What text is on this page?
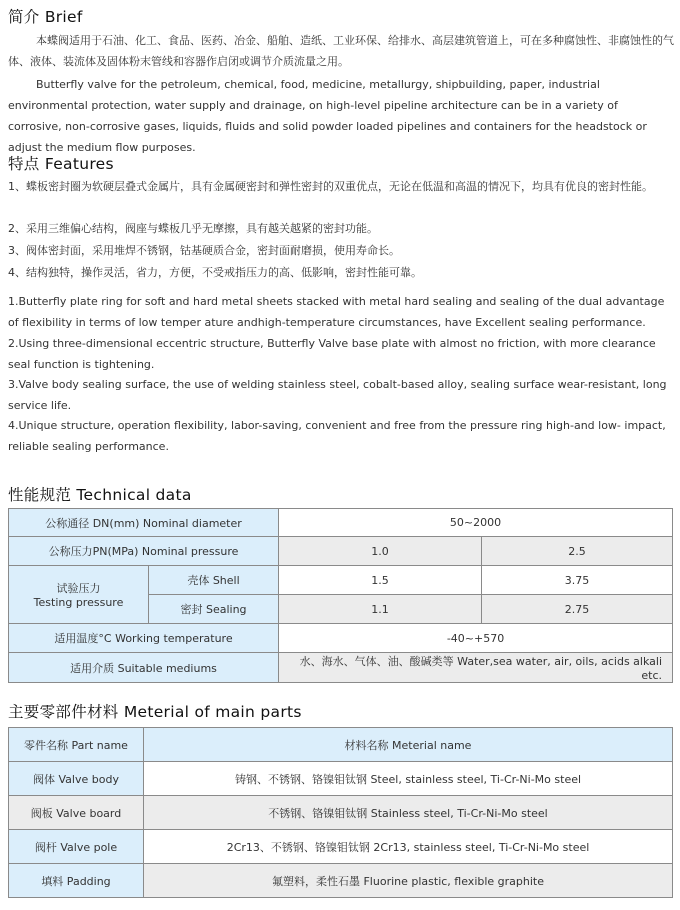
简介 Brief

本蝶阀适用于石油、化工、食品、医药、冶金、船舶、造纸、工业环保、给排水、高层建筑管道上，可在多种腐蚀性、非腐蚀性的气体、液体、装流体及固体粉末管线和容器作启闭或调节介质流量之用。

Butterfly valve for the petroleum, chemical, food, medicine, metallurgy, shipbuilding, paper, industrial environmental protection, water supply and drainage, on high-level pipeline architecture can be in a variety of corrosive, non-corrosive gases, liquids, fluids and solid powder loaded pipelines and containers for the headstock or adjust the medium flow purposes.

特点 Features
1、蝶板密封圈为软硬层叠式金属片，具有金属硬密封和弹性密封的双重优点，无论在低温和高温的情况下，均具有优良的密封性能。
2、采用三维偏心结构，阀座与蝶板几乎无摩擦，具有越关越紧的密封功能。
3、阀体密封面，采用堆焊不锈钢，钴基硬质合金，密封面耐磨损，使用寿命长。
4、结构独特，操作灵活，省力，方便，不受戒指压力的高、低影响，密封性能可靠。

1.Butterfly plate ring for soft and hard metal sheets stacked with metal hard sealing and sealing of the dual advantage of flexibility in terms of low temper ature andhigh-temperature circumstances, have Excellent sealing performance.

2.Using three-dimensional eccentric structure, Butterfly Valve base plate with almost no friction, with more clearance seal function is tightening.

3.Valve body sealing surface, the use of welding stainless steel, cobalt-based alloy, sealing surface wear-resistant, long service life.

4.Unique structure, operation flexibility, labor-saving, convenient and free from the pressure ring high-and low- impact, reliable sealing performance.

性能规范 Technical data
公称通径 DN(mm) Nominal diameter		50~2000	
公称压力PN(MPa) Nominal pressure		1.0	2.5

试验压力
Testing pressure	壳体 Shell	1.5	3.75
	密封 Sealing	1.1	2.75
适用温度°C Working temperature		-40~+570	
适用介质 Suitable mediums		水、海水、气体、油、酸碱类等 Water,sea water, air, oils, acids alkali etc.	
主要零部件材料 Meterial of main parts
零件名称 Part name	材料名称 Meterial name
阀体 Valve body	铸钢、不锈钢、铬镍钼钛钢 Steel, stainless steel, Ti-Cr-Ni-Mo steel
阀板 Valve board	不锈钢、铬镍钼钛钢 Stainless steel, Ti-Cr-Ni-Mo steel
阀杆 Valve pole	2Cr13、不锈钢、铬镍钼钛钢 2Cr13, stainless steel, Ti-Cr-Ni-Mo steel
填料 Padding	氟塑料，柔性石墨 Fluorine plastic, flexible graphite
